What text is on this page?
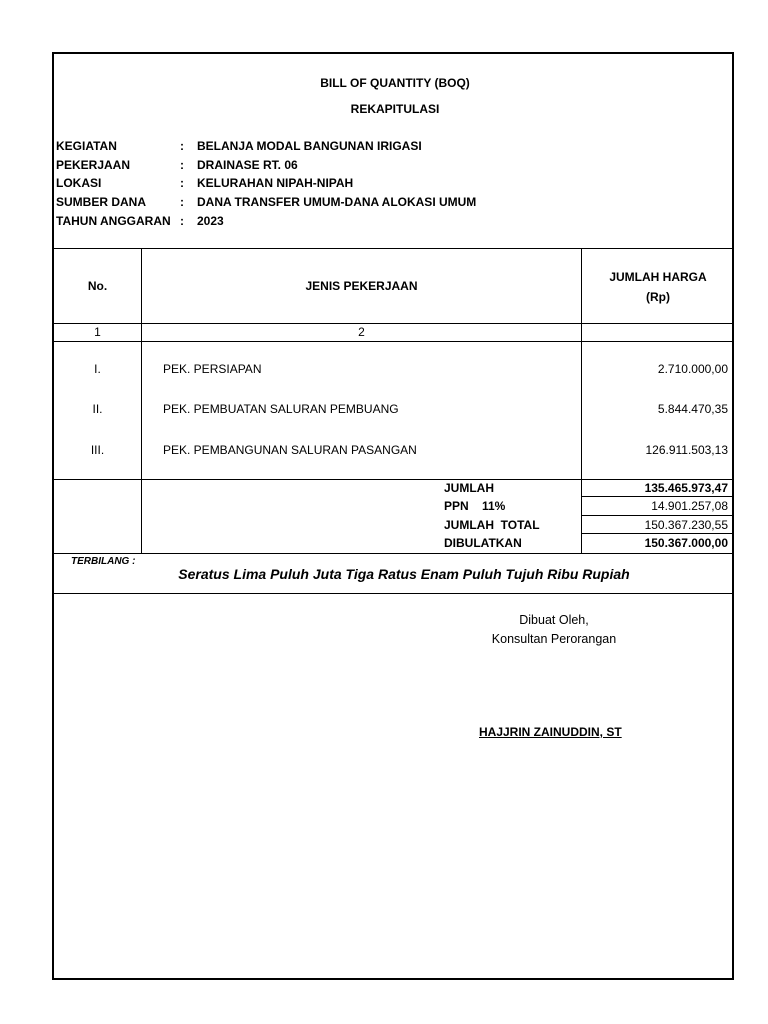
BILL OF QUANTITY (BOQ)
REKAPITULASI
KEGIATAN	: BELANJA MODAL BANGUNAN IRIGASI
PEKERJAAN	: DRAINASE RT. 06
LOKASI	: KELURAHAN NIPAH-NIPAH
SUMBER DANA	: DANA TRANSFER UMUM-DANA ALOKASI UMUM
TAHUN ANGGARAN : 2023
No.	JENIS PEKERJAAN
JUMLAH HARGA
(Rp)
1	2
I.	PEK. PERSIAPAN	2.710.000,00
II.	PEK. PEMBUATAN SALURAN PEMBUANG	5.844.470,35
III.	PEK. PEMBANGUNAN SALURAN PASANGAN	126.911.503,13
JUMLAH	135.465.973,47
PPN 11%	14.901.257,08
JUMLAH  TOTAL	150.367.230,55
DIBULATKAN	150.367.000,00
TERBILANG :
Seratus Lima Puluh Juta Tiga Ratus Enam Puluh Tujuh Ribu Rupiah
Dibuat Oleh,
Konsultan Perorangan
HAJJRIN ZAINUDDIN, ST
